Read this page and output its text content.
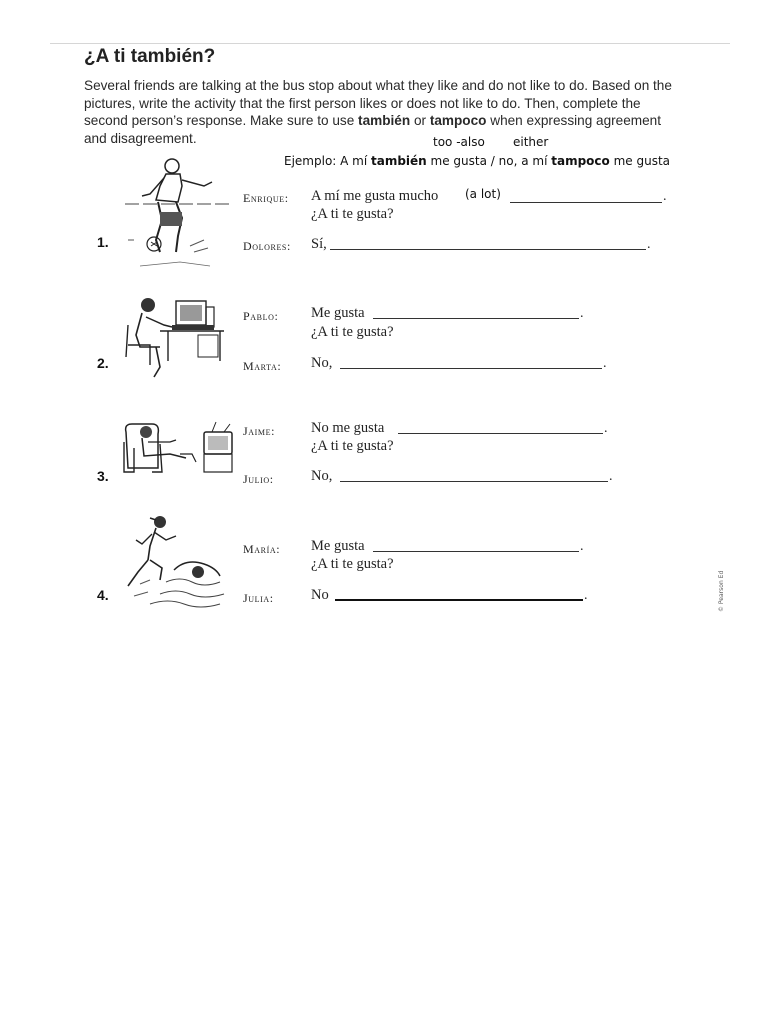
¿A ti también?
Several friends are talking at the bus stop about what they like and do not like to do. Based on the pictures, write the activity that the first person likes or does not like to do. Then, complete the second person’s response. Make sure to use también or tampoco when expressing agreement and disagreement.	too -also either
Ejemplo: A mí también me gusta / no, a mí tampoco me gusta
1.
Enrique: A mí me gusta mucho (a lot)	.
¿A ti te gusta?
Dolores: Sí,	.
2.
Pablo: Me gusta	.
¿A ti te gusta?
Marta: No,	.
3.
Jaime: No me gusta	.
¿A ti te gusta?
Julio:	No,	.
4.
María: Me gusta	.
¿A ti te gusta?
Julia:	No	.	© Pearson Ed
